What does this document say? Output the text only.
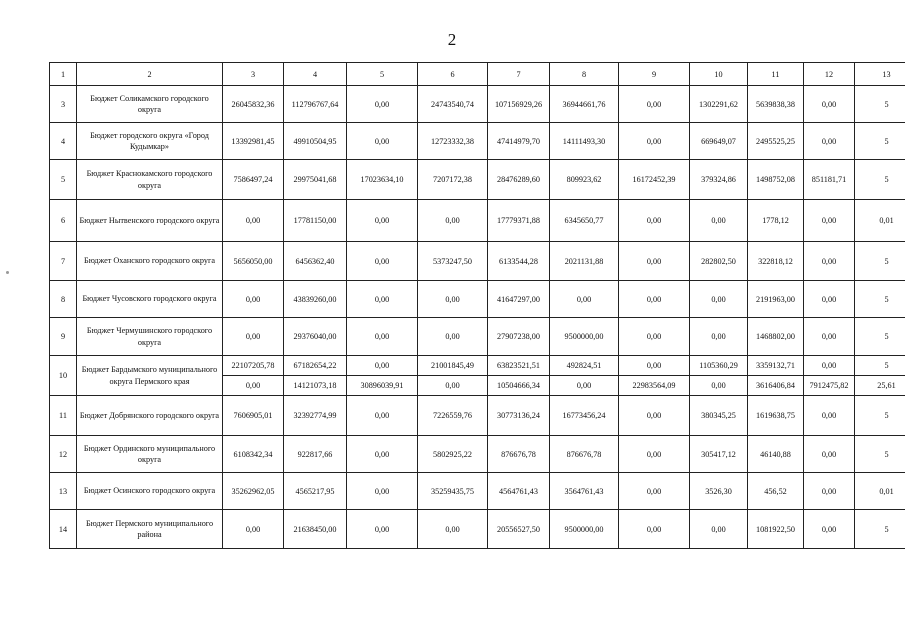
2
1	2	3	4	5	6	7	8	9	10	11	12	13
3	Бюджет Соликамского городского округа	26045832,36	112796767,64	0,00	24743540,74	107156929,26	36944661,76	0,00	1302291,62	5639838,38	0,00	5
4	Бюджет городского округа «Город Кудымкар»	13392981,45	49910504,95	0,00	12723332,38	47414979,70	14111493,30	0,00	669649,07	2495525,25	0,00	5
5	Бюджет Краснокамского городского округа	7586497,24	29975041,68	17023634,10	7207172,38	28476289,60	809923,62	16172452,39	379324,86	1498752,08	851181,71	5
6	Бюджет Нытвенского городского округа	0,00	17781150,00	0,00	0,00	17779371,88	6345650,77	0,00	0,00	1778,12	0,00	0,01
7	Бюджет Оханского городского округа	5656050,00	6456362,40	0,00	5373247,50	6133544,28	2021131,88	0,00	282802,50	322818,12	0,00	5
8	Бюджет Чусовского городского округа	0,00	43839260,00	0,00	0,00	41647297,00	0,00	0,00	0,00	2191963,00	0,00	5
9	Бюджет Чермушинского городского округа	0,00	29376040,00	0,00	0,00	27907238,00	9500000,00	0,00	0,00	1468802,00	0,00	5
10	Бюджет Бардымского муниципального округа Пермского края	22107205,78	67182654,22	0,00	21001845,49	63823521,51	492824,51	0,00	1105360,29	3359132,71	0,00	5
		0,00	14121073,18	30896039,91	0,00	10504666,34	0,00	22983564,09	0,00	3616406,84	7912475,82	25,61
11	Бюджет Добрянского городского округа	7606905,01	32392774,99	0,00	7226559,76	30773136,24	16773456,24	0,00	380345,25	1619638,75	0,00	5
12	Бюджет Ординского муниципального округа	6108342,34	922817,66	0,00	5802925,22	876676,78	876676,78	0,00	305417,12	46140,88	0,00	5
13	Бюджет Осинского городского округа	35262962,05	4565217,95	0,00	35259435,75	4564761,43	3564761,43	0,00	3526,30	456,52	0,00	0,01
14	Бюджет Пермского муниципального района	0,00	21638450,00	0,00	0,00	20556527,50	9500000,00	0,00	0,00	1081922,50	0,00	5
